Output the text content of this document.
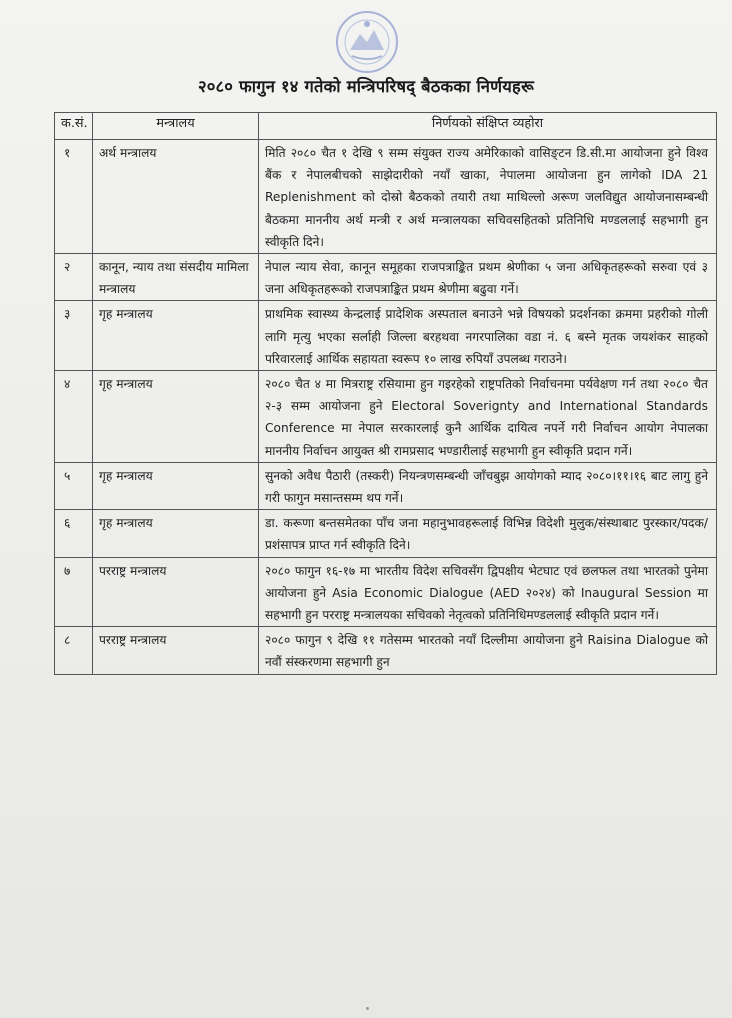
२०८० फागुन १४ गतेको मन्त्रिपरिषद् बैठकका निर्णयहरू
क.सं.	मन्त्रालय	निर्णयको संक्षिप्त व्यहोरा
१	अर्थ मन्त्रालय	मिति २०८० चैत १ देखि ९ सम्म संयुक्त राज्य अमेरिकाको वासिङ्टन डि.सी.मा आयोजना हुने विश्व बैंक र नेपालबीचको साझेदारीको नयाँ खाका, नेपालमा आयोजना हुन लागेको IDA 21 Replenishment को दोस्रो बैठकको तयारी तथा माथिल्लो अरूण जलविद्युत आयोजनासम्बन्धी बैठकमा माननीय अर्थ मन्त्री र अर्थ मन्त्रालयका सचिवसहितको प्रतिनिधि मण्डललाई सहभागी हुन स्वीकृति दिने।
२	कानून, न्याय तथा संसदीय मामिला मन्त्रालय	नेपाल न्याय सेवा, कानून समूहका राजपत्राङ्कित प्रथम श्रेणीका ५ जना अधिकृतहरूको सरुवा एवं ३ जना अधिकृतहरूको राजपत्राङ्कित प्रथम श्रेणीमा बढुवा गर्ने।
३	गृह मन्त्रालय	प्राथमिक स्वास्थ्य केन्द्रलाई प्रादेशिक अस्पताल बनाउने भन्ने विषयको प्रदर्शनका क्रममा प्रहरीको गोली लागि मृत्यु भएका सर्लाही जिल्ला बरहथवा नगरपालिका वडा नं. ६ बस्ने मृतक जयशंकर साहको परिवारलाई आर्थिक सहायता स्वरूप १० लाख रुपियाँ उपलब्ध गराउने।
४	गृह मन्त्रालय	२०८० चैत ४ मा मित्रराष्ट्र रसियामा हुन गइरहेको राष्ट्रपतिको निर्वाचनमा पर्यवेक्षण गर्न तथा २०८० चैत २-३ सम्म आयोजना हुने Electoral Soverignty and International Standards Conference मा नेपाल सरकारलाई कुनै आर्थिक दायित्व नपर्ने गरी निर्वाचन आयोग नेपालका माननीय निर्वाचन आयुक्त श्री रामप्रसाद भण्डारीलाई सहभागी हुन स्वीकृति प्रदान गर्ने।
५	गृह मन्त्रालय	सुनको अवैध पैठारी (तस्करी) नियन्त्रणसम्बन्धी जाँचबुझ आयोगको म्याद २०८०।११।१६ बाट लागु हुने गरी फागुन मसान्तसम्म थप गर्ने।
६	गृह मन्त्रालय	डा. करूणा बन्तसमेतका पाँच जना महानुभावहरूलाई विभिन्न विदेशी मुलुक/संस्थाबाट पुरस्कार/पदक/प्रशंसापत्र प्राप्त गर्न स्वीकृति दिने।
७	परराष्ट्र मन्त्रालय	२०८० फागुन १६-१७ मा भारतीय विदेश सचिवसँग द्विपक्षीय भेटघाट एवं छलफल तथा भारतको पुनेमा आयोजना हुने Asia Economic Dialogue (AED २०२४) को Inaugural Session मा सहभागी हुन परराष्ट्र मन्त्रालयका सचिवको नेतृत्वको प्रतिनिधिमण्डललाई स्वीकृति प्रदान गर्ने।
८	परराष्ट्र मन्त्रालय	२०८० फागुन ९ देखि ११ गतेसम्म भारतको नयाँ दिल्लीमा आयोजना हुने Raisina Dialogue को नवौं संस्करणमा सहभागी हुन
